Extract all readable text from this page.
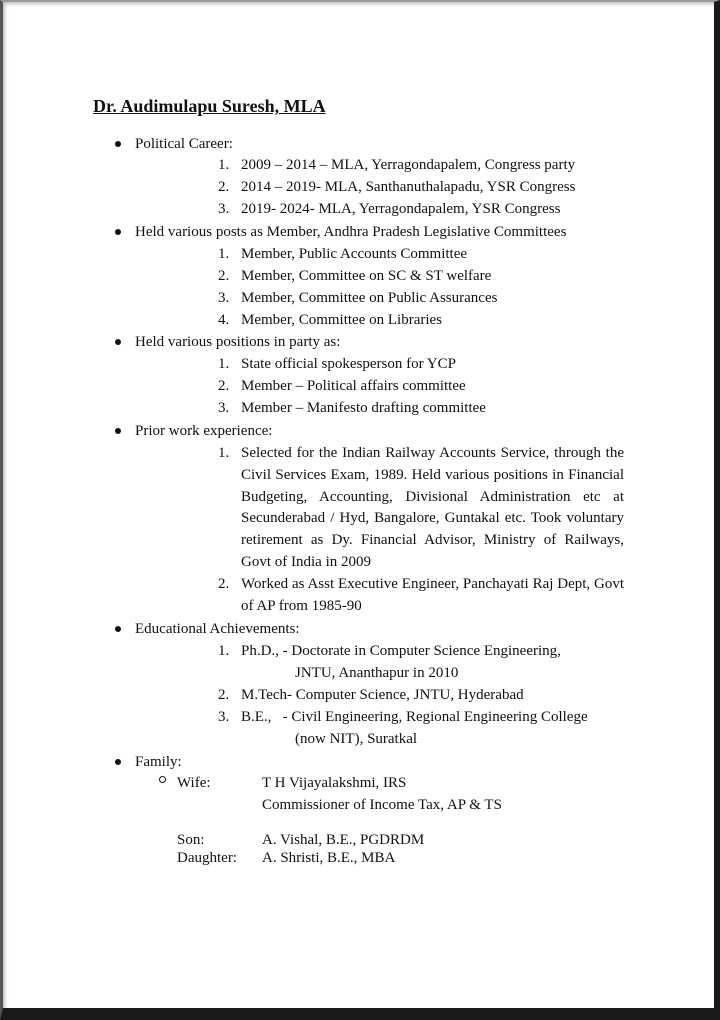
Dr. Audimulapu Suresh, MLA
Political Career:
1. 2009 – 2014 – MLA, Yerragondapalem, Congress party
2. 2014 – 2019- MLA, Santhanuthalapadu, YSR Congress
3. 2019- 2024- MLA, Yerragondapalem, YSR Congress
Held various posts as Member, Andhra Pradesh Legislative Committees
1. Member, Public Accounts Committee
2. Member, Committee on SC & ST welfare
3. Member, Committee on Public Assurances
4. Member, Committee on Libraries
Held various positions in party as:
1. State official spokesperson for YCP
2. Member – Political affairs committee
3. Member – Manifesto drafting committee
Prior work experience:
1. Selected for the Indian Railway Accounts Service, through the Civil Services Exam, 1989. Held various positions in Financial Budgeting, Accounting, Divisional Administration etc at Secunderabad / Hyd, Bangalore, Guntakal etc. Took voluntary retirement as Dy. Financial Advisor, Ministry of Railways, Govt of India in 2009
2. Worked as Asst Executive Engineer, Panchayati Raj Dept, Govt of AP from 1985-90
Educational Achievements:
1. Ph.D., - Doctorate in Computer Science Engineering,
JNTU, Ananthapur in 2010
2. M.Tech- Computer Science, JNTU, Hyderabad
3. B.E.,   - Civil Engineering, Regional Engineering College
(now NIT), Suratkal
Family:
Wife:	T H Vijayalakshmi, IRS
Commissioner of Income Tax, AP & TS
Son:	A. Vishal, B.E., PGDRDM
Daughter: A. Shristi, B.E., MBA
